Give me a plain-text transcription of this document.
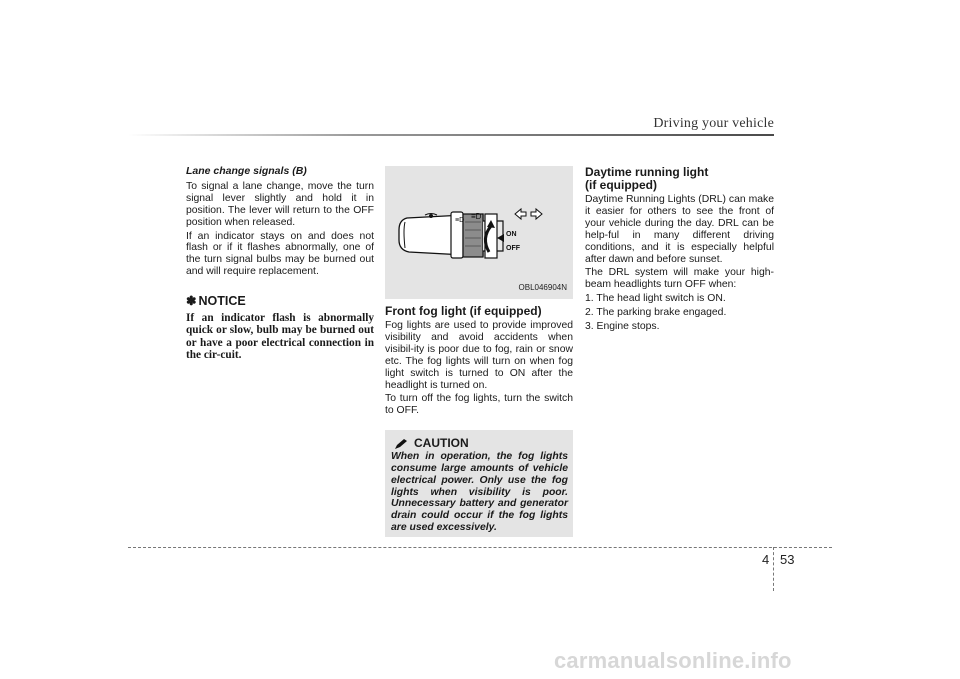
Driving your vehicle
Lane change signals (B)

To signal a lane change, move the turn signal lever slightly and hold it in position. The lever will return to the OFF position when released.

If an indicator stays on and does not flash or if it flashes abnormally, one of the turn signal bulbs may be burned out and will require replacement.

✽ NOTICE

If an indicator flash is abnormally quick or slow, bulb may be burned out or have a poor electrical connection in the cir-cuit.

≡D ≡D
ON
OFF
OBL046904N
Front fog light (if equipped)

Fog lights are used to provide improved visibility and avoid accidents when visibil-ity is poor due to fog, rain or snow etc. The fog lights will turn on when fog light switch is turned to ON after the headlight is turned on.

To turn off the fog lights, turn the switch to OFF.

CAUTION

When in operation, the fog lights consume large amounts of vehicle electrical power. Only use the fog lights when visibility is poor. Unnecessary battery and generator drain could occur if the fog lights are used excessively.

Daytime running light
(if equipped)

Daytime Running Lights (DRL) can make it easier for others to see the front of your vehicle during the day. DRL can be help-ful in many different driving conditions, and it is especially helpful after dawn and before sunset.

The DRL system will make your high-beam headlights turn OFF when:

1. The head light switch is ON.
2. The parking brake engaged.
3. Engine stops.
4 53
carmanualsonline.info
